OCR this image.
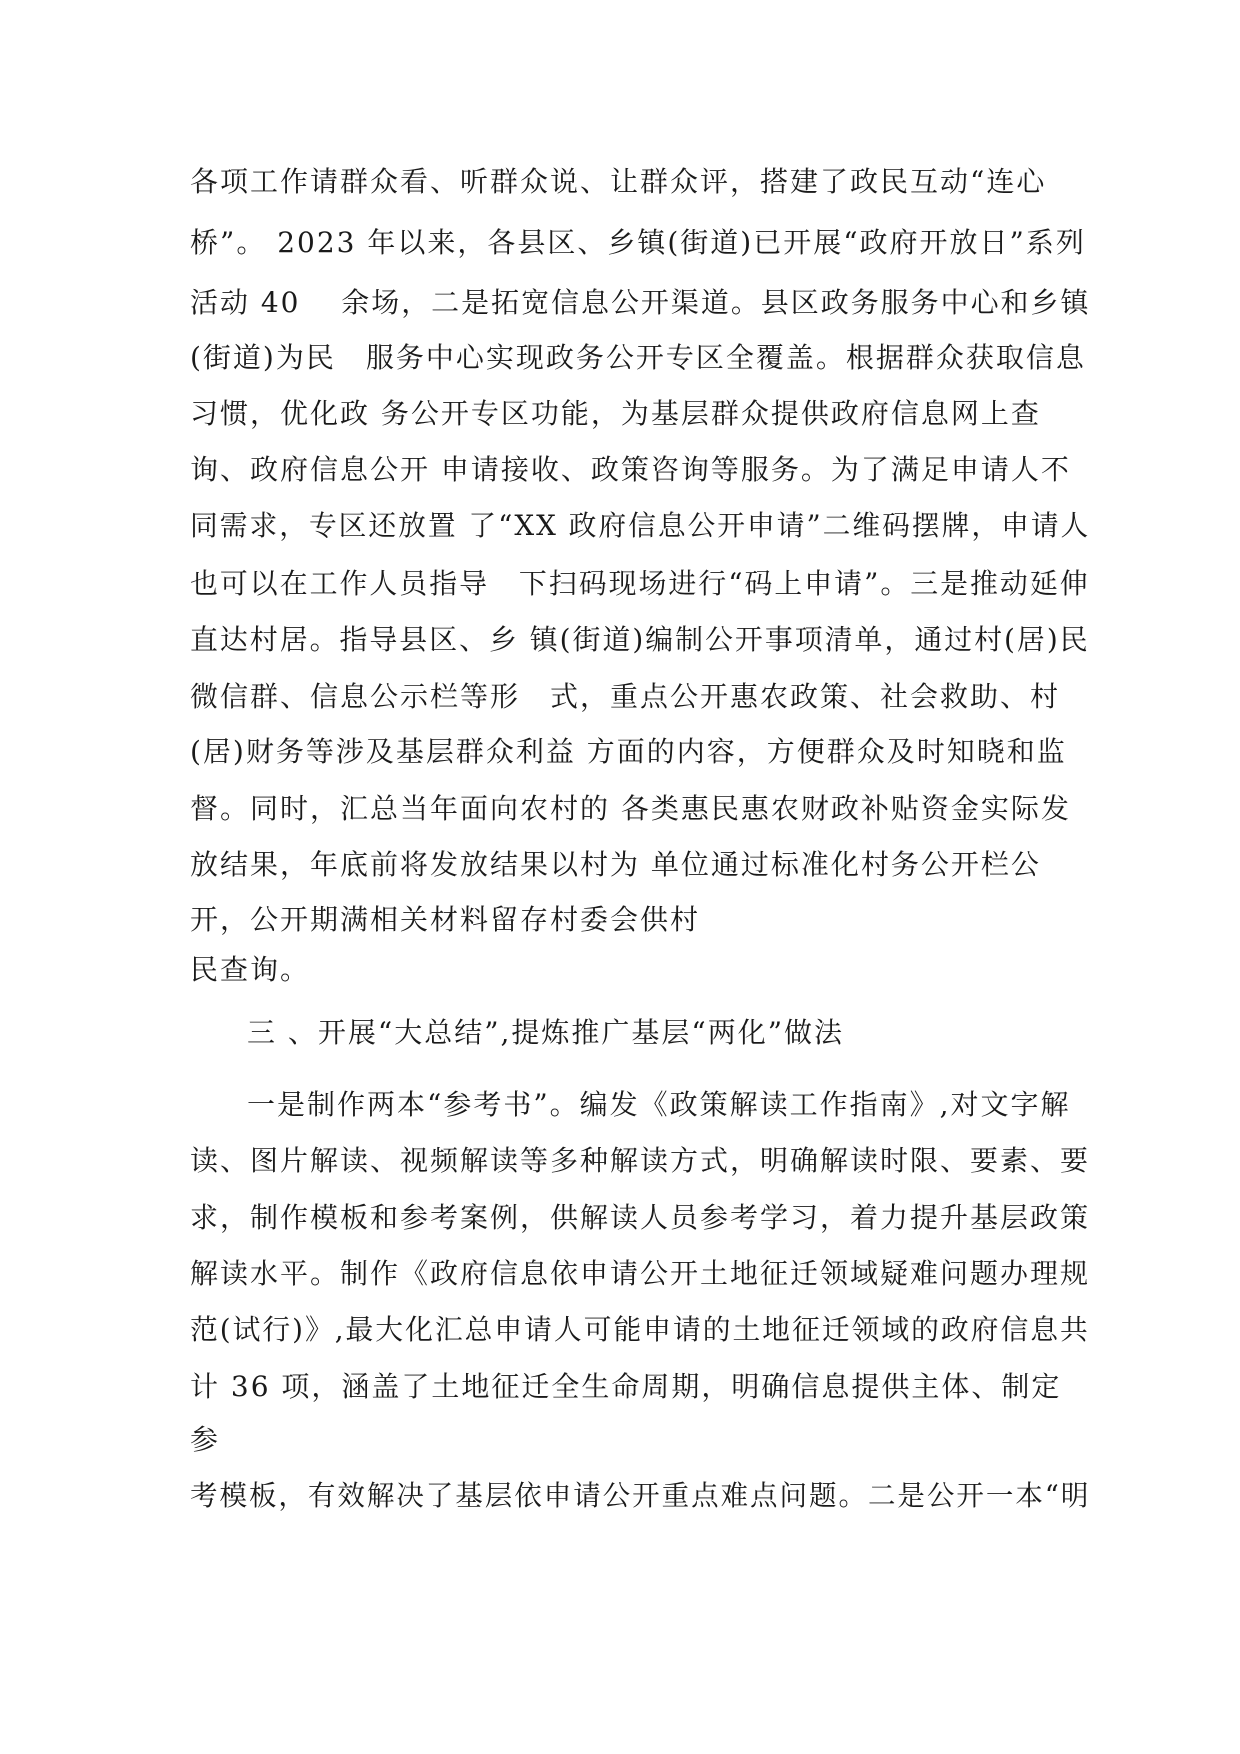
各项工作请群众看、听群众说、让群众评，搭建了政民互动“连心
桥”。 2023 年以来，各县区、乡镇(街道)已开展“政府开放日”系列
活动 40　 余场，二是拓宽信息公开渠道。县区政务服务中心和乡镇
(街道)为民　服务中心实现政务公开专区全覆盖。根据群众获取信息
习惯，优化政 务公开专区功能，为基层群众提供政府信息网上查
询、政府信息公开 申请接收、政策咨询等服务。为了满足申请人不
同需求，专区还放置 了“XX 政府信息公开申请”二维码摆牌，申请人
也可以在工作人员指导　下扫码现场进行“码上申请”。三是推动延伸
直达村居。指导县区、乡 镇(街道)编制公开事项清单，通过村(居)民
微信群、信息公示栏等形　式，重点公开惠农政策、社会救助、村
(居)财务等涉及基层群众利益 方面的内容，方便群众及时知晓和监
督。同时，汇总当年面向农村的 各类惠民惠农财政补贴资金实际发
放结果，年底前将发放结果以村为 单位通过标准化村务公开栏公
开，公开期满相关材料留存村委会供村
民查询。
三 、开展“大总结”,提炼推广基层“两化”做法
一是制作两本“参考书”。编发《政策解读工作指南》,对文字解
读、图片解读、视频解读等多种解读方式，明确解读时限、要素、要
求，制作模板和参考案例，供解读人员参考学习，着力提升基层政策
解读水平。制作《政府信息依申请公开土地征迁领域疑难问题办理规
范(试行)》,最大化汇总申请人可能申请的土地征迁领域的政府信息共
计 36 项，涵盖了土地征迁全生命周期，明确信息提供主体、制定
参
考模板，有效解决了基层依申请公开重点难点问题。二是公开一本“明
